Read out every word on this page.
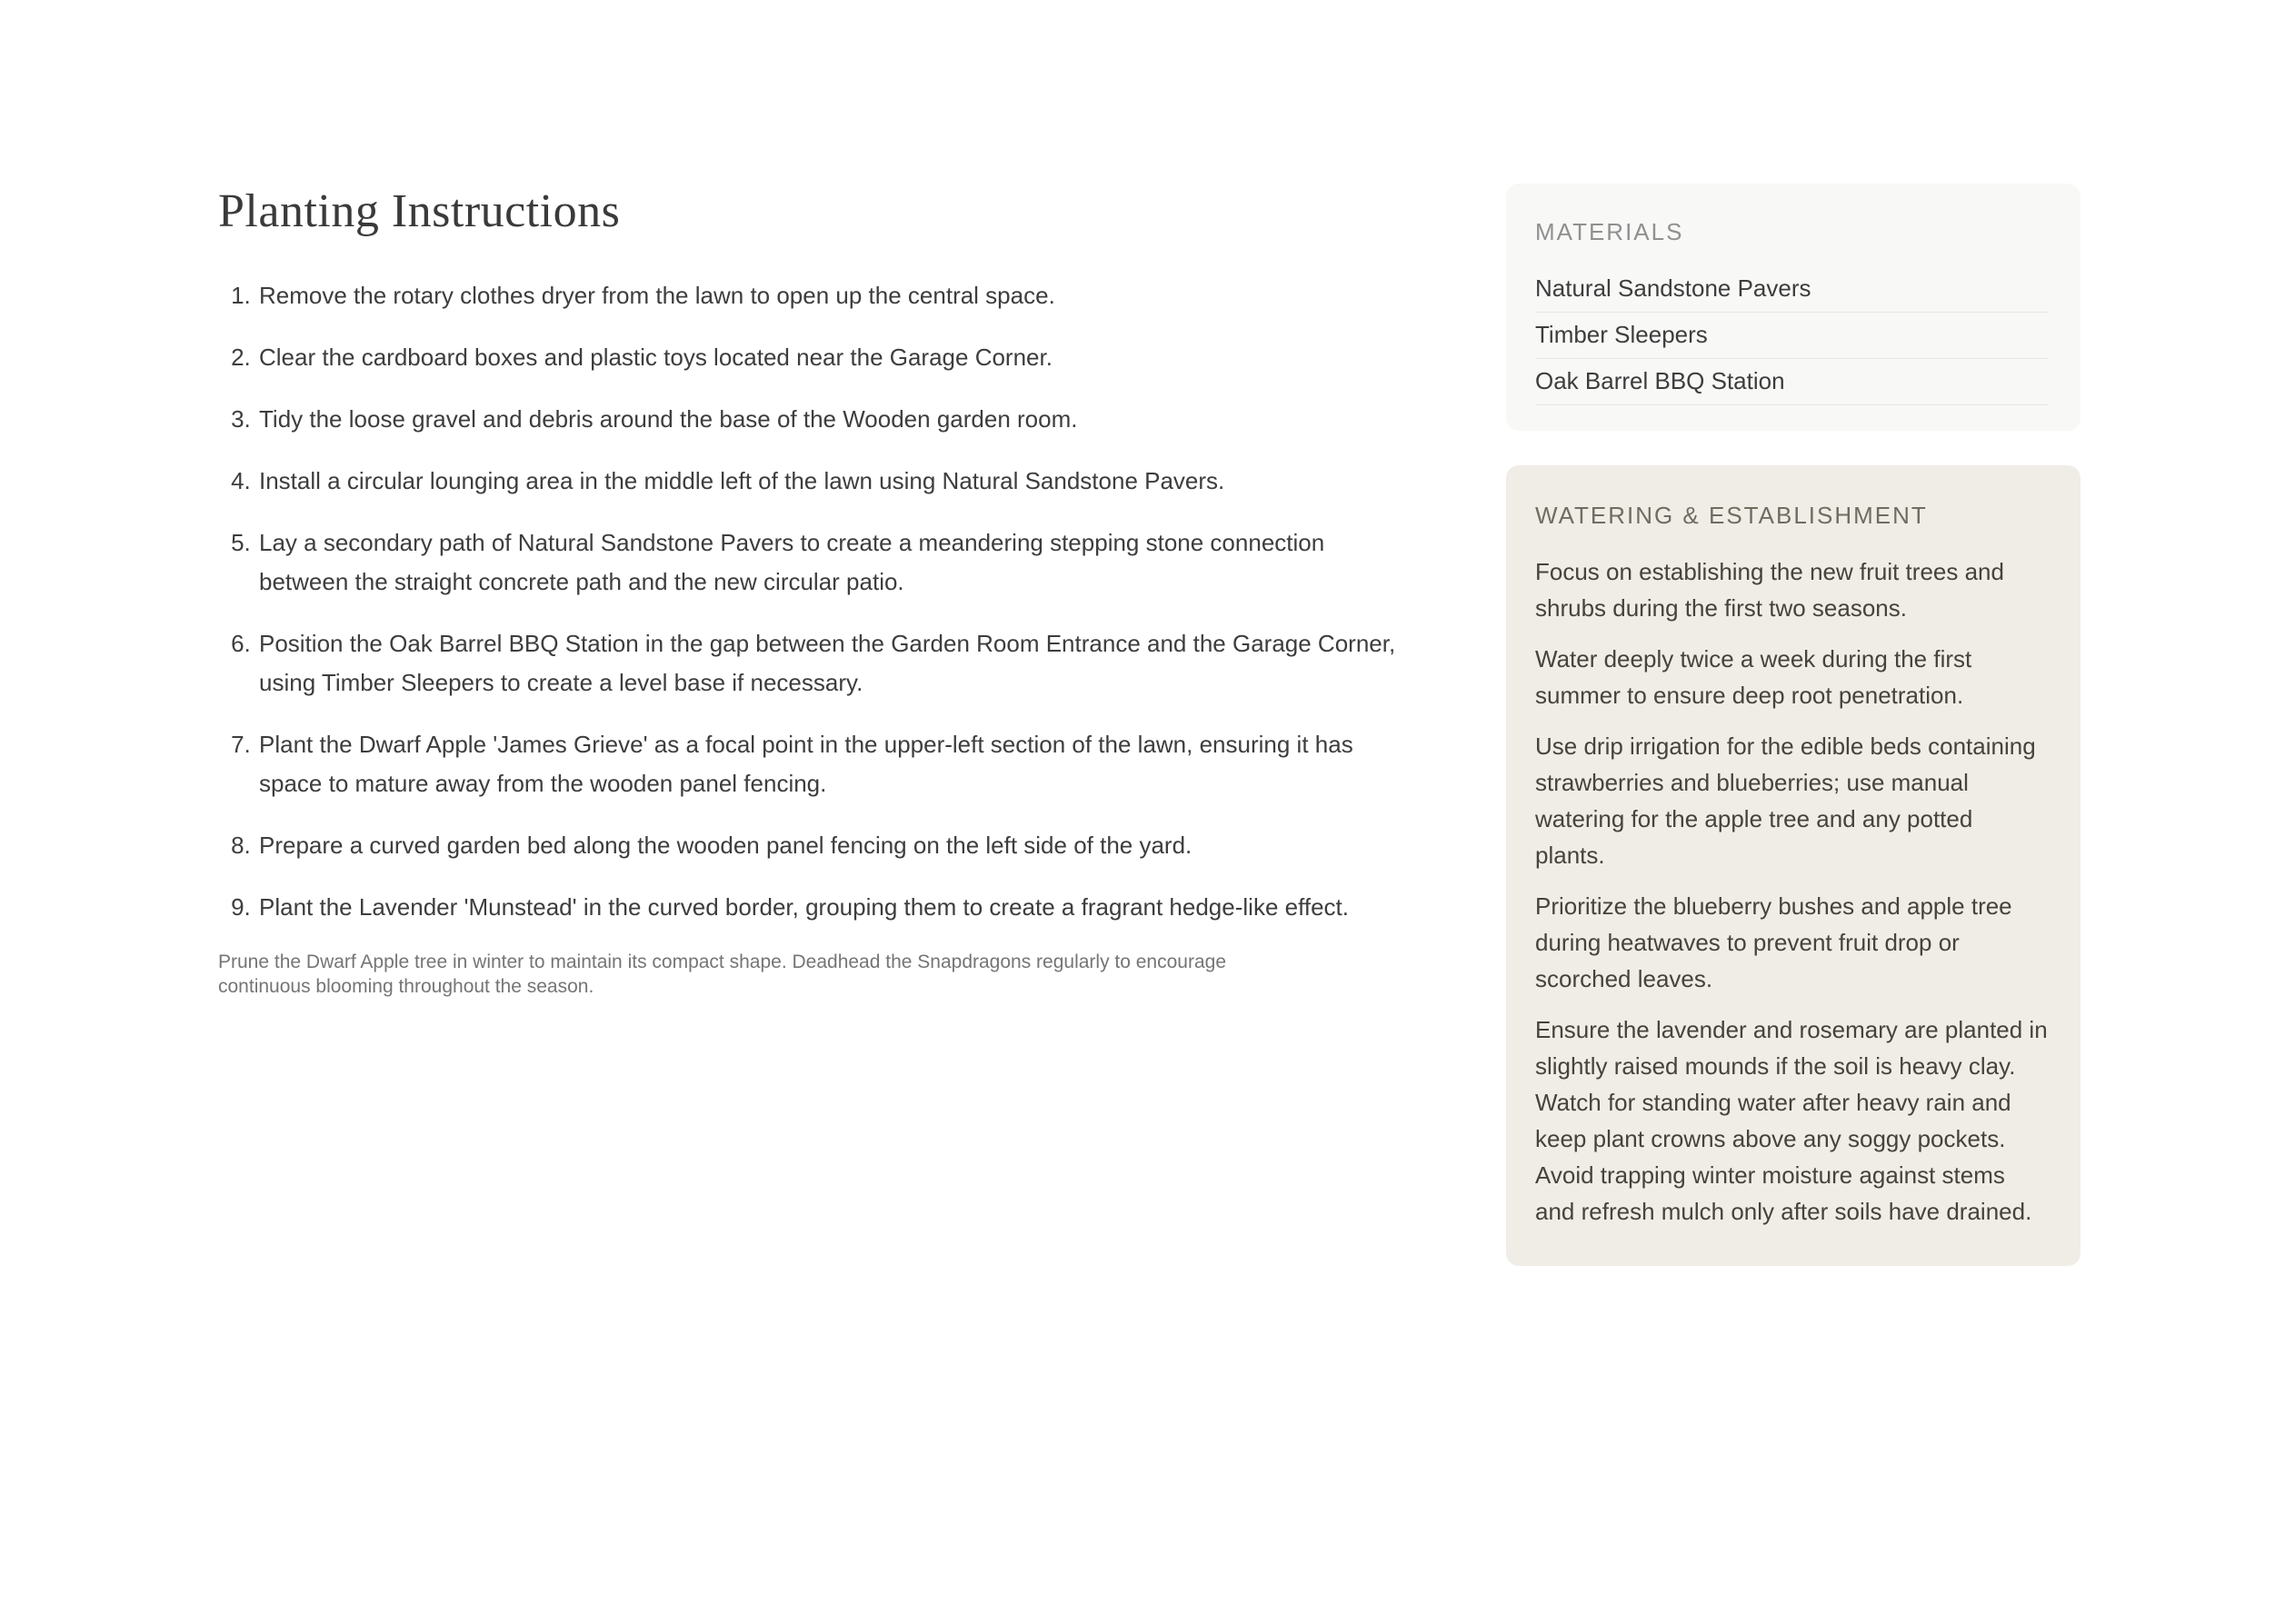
Planting Instructions
1. Remove the rotary clothes dryer from the lawn to open up the central space.
2. Clear the cardboard boxes and plastic toys located near the Garage Corner.
3. Tidy the loose gravel and debris around the base of the Wooden garden room.
4. Install a circular lounging area in the middle left of the lawn using Natural Sandstone Pavers.
5. Lay a secondary path of Natural Sandstone Pavers to create a meandering stepping stone connection between the straight concrete path and the new circular patio.
6. Position the Oak Barrel BBQ Station in the gap between the Garden Room Entrance and the Garage Corner, using Timber Sleepers to create a level base if necessary.
7. Plant the Dwarf Apple 'James Grieve' as a focal point in the upper-left section of the lawn, ensuring it has space to mature away from the wooden panel fencing.
8. Prepare a curved garden bed along the wooden panel fencing on the left side of the yard.
9. Plant the Lavender 'Munstead' in the curved border, grouping them to create a fragrant hedge-like effect.

Prune the Dwarf Apple tree in winter to maintain its compact shape. Deadhead the Snapdragons regularly to encourage continuous blooming throughout the season.

MATERIALS
Natural Sandstone Pavers
Timber Sleepers
Oak Barrel BBQ Station
WATERING & ESTABLISHMENT

Focus on establishing the new fruit trees and shrubs during the first two seasons.

Water deeply twice a week during the first summer to ensure deep root penetration.

Use drip irrigation for the edible beds containing strawberries and blueberries; use manual watering for the apple tree and any potted plants.

Prioritize the blueberry bushes and apple tree during heatwaves to prevent fruit drop or scorched leaves.

Ensure the lavender and rosemary are planted in slightly raised mounds if the soil is heavy clay. Watch for standing water after heavy rain and keep plant crowns above any soggy pockets. Avoid trapping winter moisture against stems and refresh mulch only after soils have drained.
